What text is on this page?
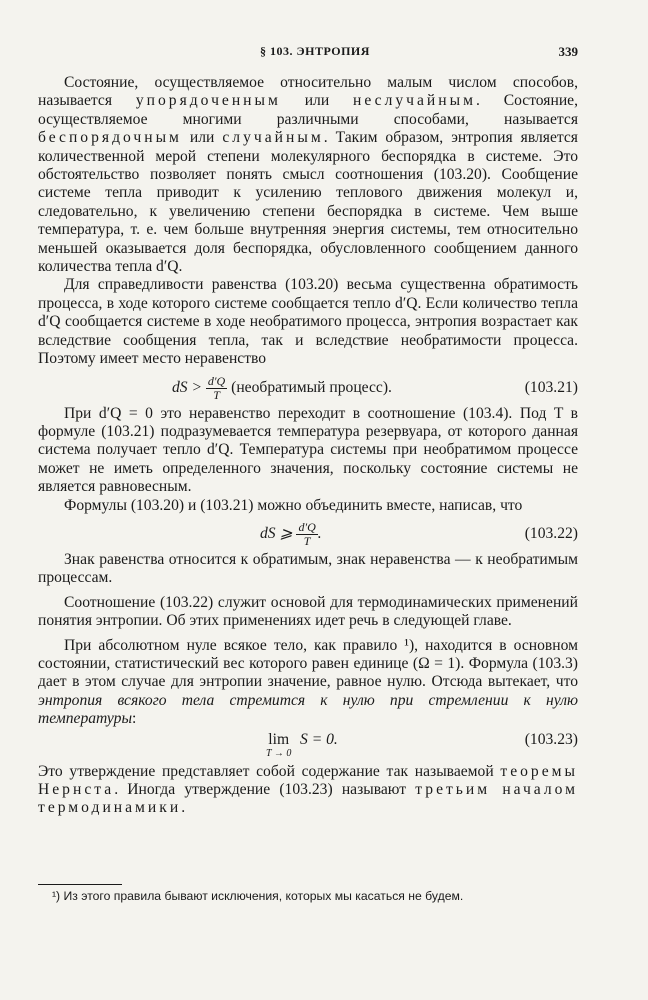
§ 103. ЭНТРОПИЯ	339

Состояние, осуществляемое относительно малым числом способов, называется упорядоченным или неслучайным. Состояние, осуществляемое многими различными способами, называется беспорядочным или случайным. Таким образом, энтропия является количественной мерой степени молекулярного беспорядка в системе. Это обстоятельство позволяет понять смысл соотношения (103.20). Сообщение системе тепла приводит к усилению теплового движения молекул и, следовательно, к увеличению степени беспорядка в системе. Чем выше температура, т. е. чем больше внутренняя энергия системы, тем относительно меньшей оказывается доля беспорядка, обусловленного сообщением данного количества тепла d′Q.

Для справедливости равенства (103.20) весьма существенна обратимость процесса, в ходе которого системе сообщается тепло d′Q. Если количество тепла d′Q сообщается системе в ходе необратимого процесса, энтропия возрастает как вследствие сообщения тепла, так и вследствие необратимости процесса. Поэтому имеет место неравенство

dS > $\frac{d'Q}{T}$ (необратимый процесс).	(103.21)

При d′Q = 0 это неравенство переходит в соотношение (103.4). Под T в формуле (103.21) подразумевается температура резервуара, от которого данная система получает тепло d′Q. Температура системы при необратимом процессе может не иметь определенного значения, поскольку состояние системы не является равновесным.

Формулы (103.20) и (103.21) можно объединить вместе, написав, что

dS ⩾ $\frac{d'Q}{T}$ .	(103.22)

Знак равенства относится к обратимым, знак неравенства — к необратимым процессам.

Соотношение (103.22) служит основой для термодинамических применений понятия энтропии. Об этих применениях идет речь в следующей главе.

При абсолютном нуле всякое тело, как правило ¹), находится в основном состоянии, статистический вес которого равен единице (Ω = 1). Формула (103.3) дает в этом случае для энтропии значение, равное нулю. Отсюда вытекает, что энтропия всякого тела стремится к нулю при стремлении к нулю температуры:

lim
T → 0
S = 0.	(103.23)

Это утверждение представляет собой содержание так называемой теоремы Нернста. Иногда утверждение (103.23) называют третьим началом термодинамики.

¹) Из этого правила бывают исключения, которых мы касаться не будем.
